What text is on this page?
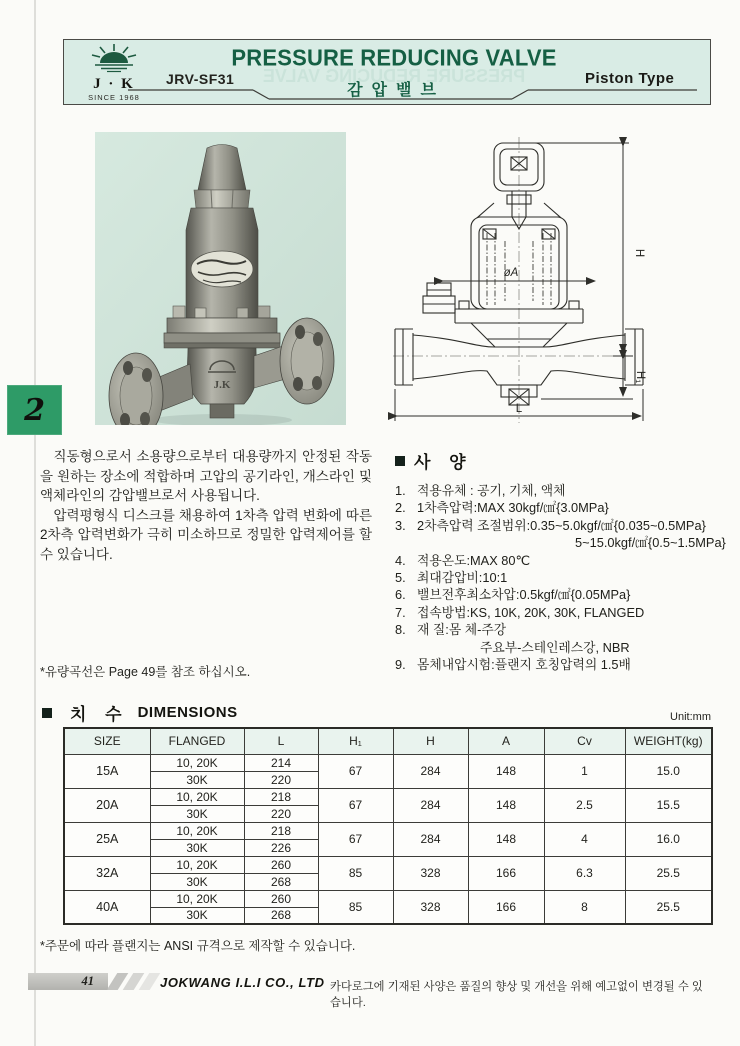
PRESSURE REDUCING VALVE
J · K
SINCE 1968
PRESSURE REDUCING VALVE
감압밸브
JRV-SF31	Piston Type
2
J.K
H
H₁
L
øA

직동형으로서 소용량으로부터 대용량까지 안정된 작동을 원하는 장소에 적합하며 고압의 공기라인, 개스라인 및 액체라인의 감압밸브로서 사용됩니다.

압력평형식 디스크를 채용하여 1차측 압력 변화에 따른 2차측 압력변화가 극히 미소하므로 정밀한 압력제어를 할 수 있습니다.

*유량곡선은 Page 49를 참조 하십시오.
사 양
1. 적용유체 : 공기, 기체, 액체
2. 1차측압력:MAX 30kgf/㎠{3.0MPa}
3. 2차측압력 조절범위:0.35~5.0kgf/㎠{0.035~0.5MPa}
5~15.0kgf/㎠{0.5~1.5MPa}
4. 적용온도:MAX 80℃
5. 최대감압비:10:1
6. 밸브전후최소차압:0.5kgf/㎠{0.05MPa}
7. 접속방법:KS, 10K, 20K, 30K, FLANGED
8. 재 질:몸 체-주강
주요부-스테인레스강, NBR
9. 몸체내압시험:플랜지 호칭압력의 1.5배
치 수 DIMENSIONS	Unit:mm
SIZE	FLANGED	L	H₁	H	A	Cv	WEIGHT(kg)
15A	10, 20K	214	67	284	148	1	15.0
	30K	220					
20A	10, 20K	218	67	284	148	2.5	15.5
	30K	220					
25A	10, 20K	218	67	284	148	4	16.0
	30K	226					
32A	10, 20K	260	85	328	166	6.3	25.5
	30K	268					
40A	10, 20K	260	85	328	166	8	25.5
	30K	268					
*주문에 따라 플랜지는 ANSI 규격으로 제작할 수 있습니다.
41	JOKWANG I.L.I CO., LTD 카다로그에 기재된 사양은 품질의 향상 및 개선을 위해 예고없이 변경될 수 있습니다.
